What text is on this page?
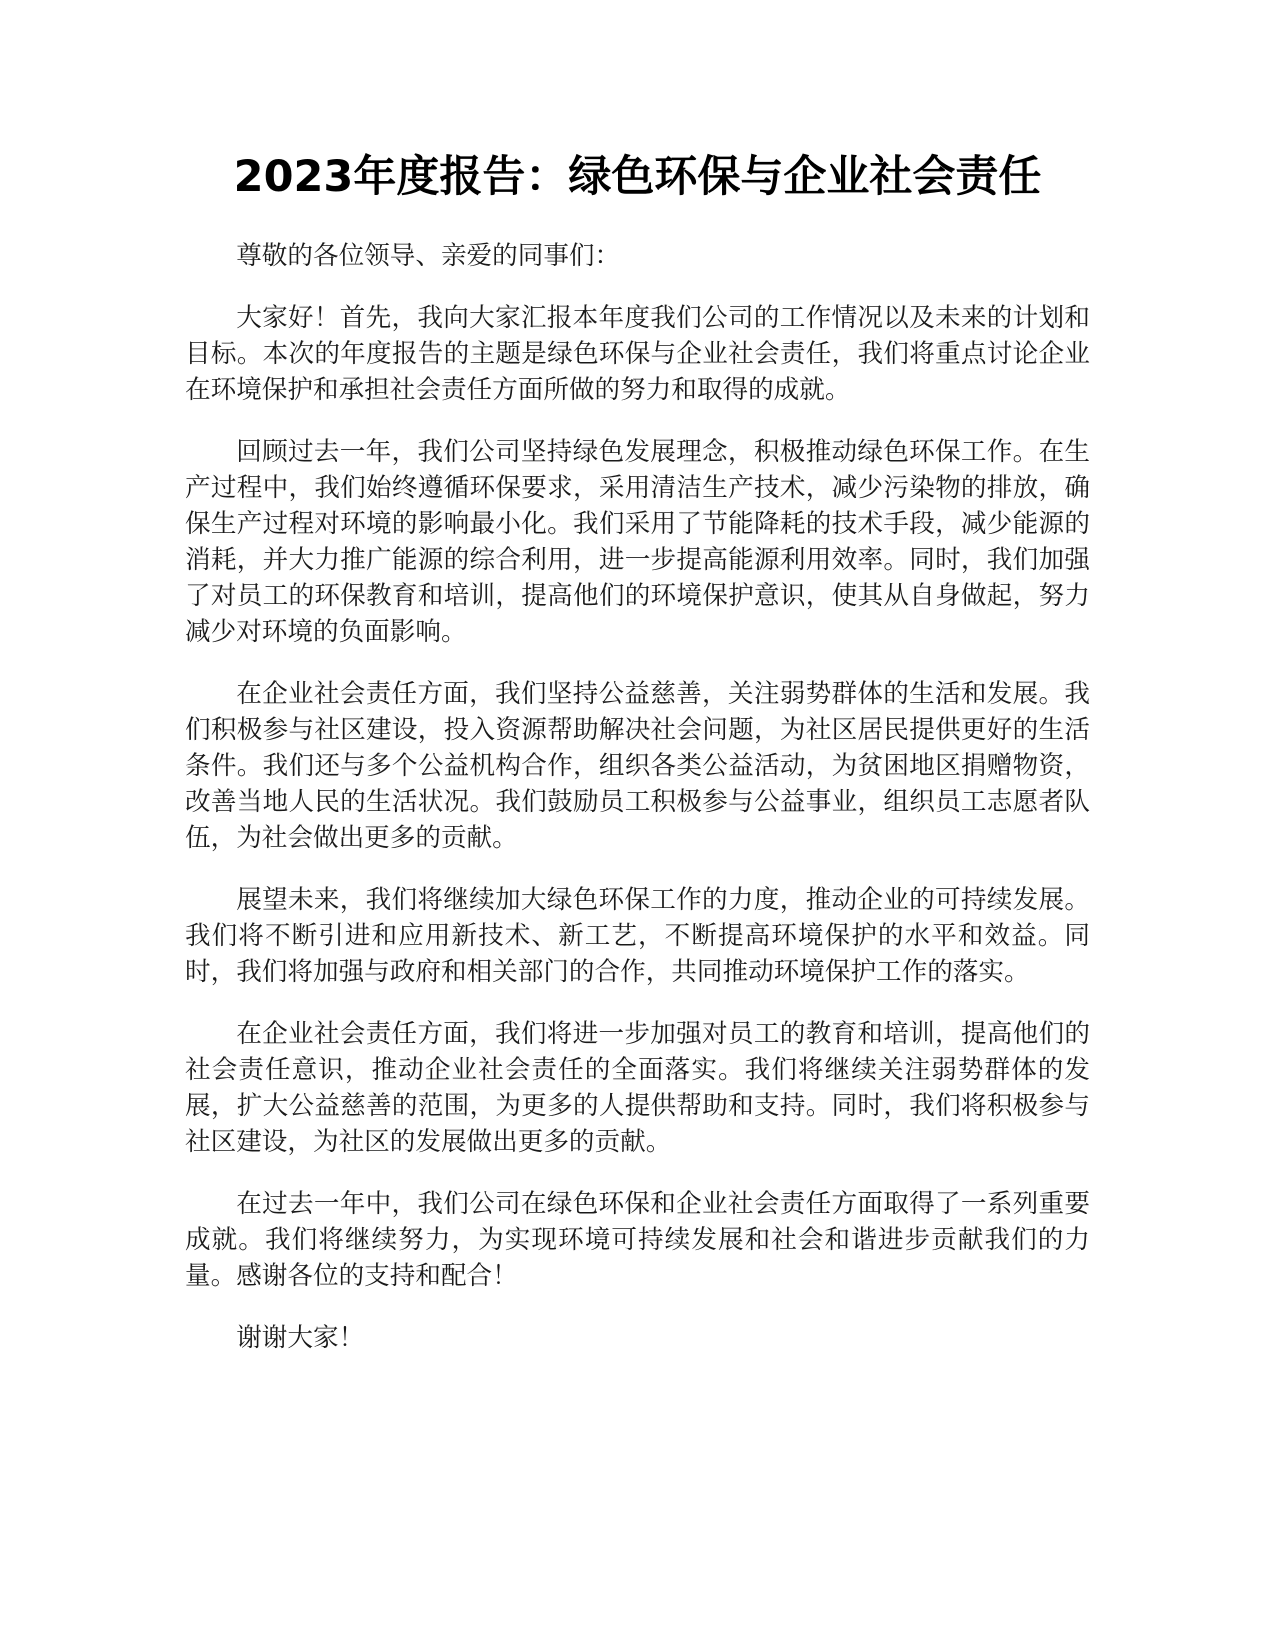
2023年度报告：绿色环保与企业社会责任

尊敬的各位领导、亲爱的同事们：

大家好！首先，我向大家汇报本年度我们公司的工作情况以及未来的计划和目标。本次的年度报告的主题是绿色环保与企业社会责任，我们将重点讨论企业在环境保护和承担社会责任方面所做的努力和取得的成就。

回顾过去一年，我们公司坚持绿色发展理念，积极推动绿色环保工作。在生产过程中，我们始终遵循环保要求，采用清洁生产技术，减少污染物的排放，确保生产过程对环境的影响最小化。我们采用了节能降耗的技术手段，减少能源的消耗，并大力推广能源的综合利用，进一步提高能源利用效率。同时，我们加强了对员工的环保教育和培训，提高他们的环境保护意识，使其从自身做起，努力减少对环境的负面影响。

在企业社会责任方面，我们坚持公益慈善，关注弱势群体的生活和发展。我们积极参与社区建设，投入资源帮助解决社会问题，为社区居民提供更好的生活条件。我们还与多个公益机构合作，组织各类公益活动，为贫困地区捐赠物资，改善当地人民的生活状况。我们鼓励员工积极参与公益事业，组织员工志愿者队伍，为社会做出更多的贡献。

展望未来，我们将继续加大绿色环保工作的力度，推动企业的可持续发展。我们将不断引进和应用新技术、新工艺，不断提高环境保护的水平和效益。同时，我们将加强与政府和相关部门的合作，共同推动环境保护工作的落实。

在企业社会责任方面，我们将进一步加强对员工的教育和培训，提高他们的社会责任意识，推动企业社会责任的全面落实。我们将继续关注弱势群体的发展，扩大公益慈善的范围，为更多的人提供帮助和支持。同时，我们将积极参与社区建设，为社区的发展做出更多的贡献。

在过去一年中，我们公司在绿色环保和企业社会责任方面取得了一系列重要成就。我们将继续努力，为实现环境可持续发展和社会和谐进步贡献我们的力量。感谢各位的支持和配合！

谢谢大家！
